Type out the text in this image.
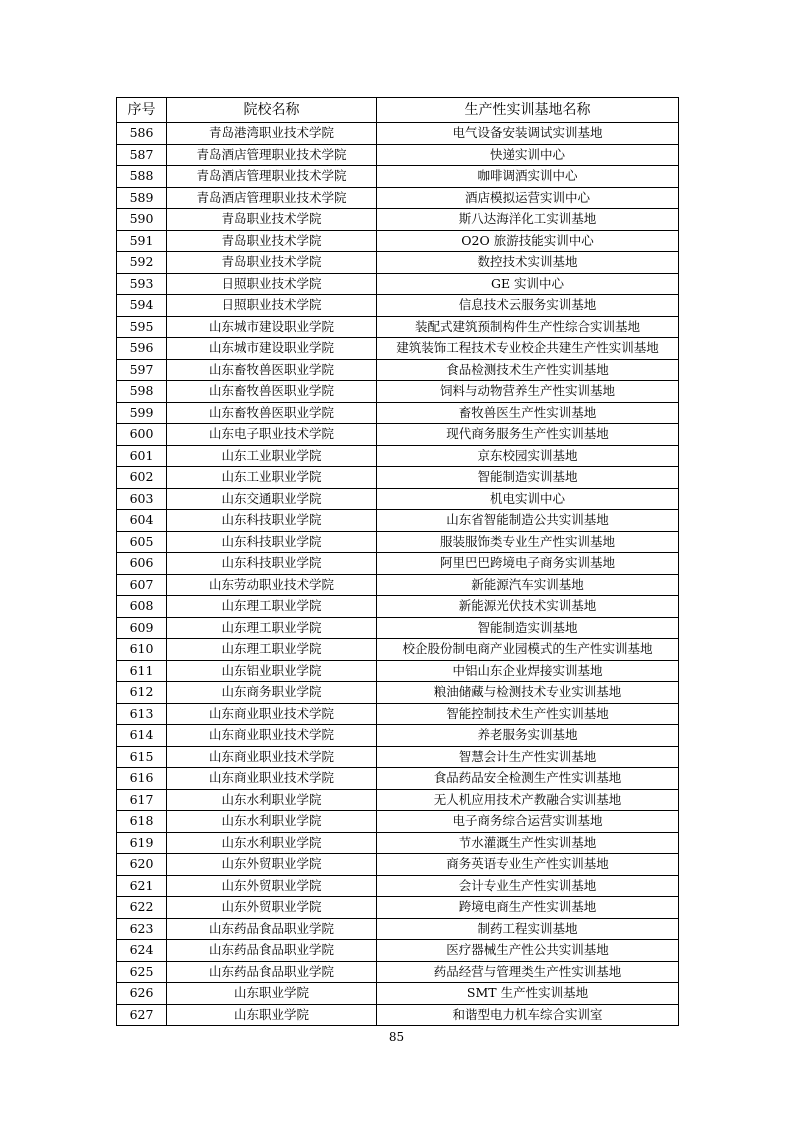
序号	院校名称	生产性实训基地名称
586	青岛港湾职业技术学院	电气设备安装调试实训基地
587	青岛酒店管理职业技术学院	快递实训中心
588	青岛酒店管理职业技术学院	咖啡调酒实训中心
589	青岛酒店管理职业技术学院	酒店模拟运营实训中心
590	青岛职业技术学院	斯八达海洋化工实训基地
591	青岛职业技术学院	O2O 旅游技能实训中心
592	青岛职业技术学院	数控技术实训基地
593	日照职业技术学院	GE 实训中心
594	日照职业技术学院	信息技术云服务实训基地
595	山东城市建设职业学院	装配式建筑预制构件生产性综合实训基地
596	山东城市建设职业学院	建筑装饰工程技术专业校企共建生产性实训基地
597	山东畜牧兽医职业学院	食品检测技术生产性实训基地
598	山东畜牧兽医职业学院	饲料与动物营养生产性实训基地
599	山东畜牧兽医职业学院	畜牧兽医生产性实训基地
600	山东电子职业技术学院	现代商务服务生产性实训基地
601	山东工业职业学院	京东校园实训基地
602	山东工业职业学院	智能制造实训基地
603	山东交通职业学院	机电实训中心
604	山东科技职业学院	山东省智能制造公共实训基地
605	山东科技职业学院	服装服饰类专业生产性实训基地
606	山东科技职业学院	阿里巴巴跨境电子商务实训基地
607	山东劳动职业技术学院	新能源汽车实训基地
608	山东理工职业学院	新能源光伏技术实训基地
609	山东理工职业学院	智能制造实训基地
610	山东理工职业学院	校企股份制电商产业园模式的生产性实训基地
611	山东铝业职业学院	中铝山东企业焊接实训基地
612	山东商务职业学院	粮油储藏与检测技术专业实训基地
613	山东商业职业技术学院	智能控制技术生产性实训基地
614	山东商业职业技术学院	养老服务实训基地
615	山东商业职业技术学院	智慧会计生产性实训基地
616	山东商业职业技术学院	食品药品安全检测生产性实训基地
617	山东水利职业学院	无人机应用技术产教融合实训基地
618	山东水利职业学院	电子商务综合运营实训基地
619	山东水利职业学院	节水灌溉生产性实训基地
620	山东外贸职业学院	商务英语专业生产性实训基地
621	山东外贸职业学院	会计专业生产性实训基地
622	山东外贸职业学院	跨境电商生产性实训基地
623	山东药品食品职业学院	制药工程实训基地
624	山东药品食品职业学院	医疗器械生产性公共实训基地
625	山东药品食品职业学院	药品经营与管理类生产性实训基地
626	山东职业学院	SMT 生产性实训基地
627	山东职业学院	和谐型电力机车综合实训室
85
